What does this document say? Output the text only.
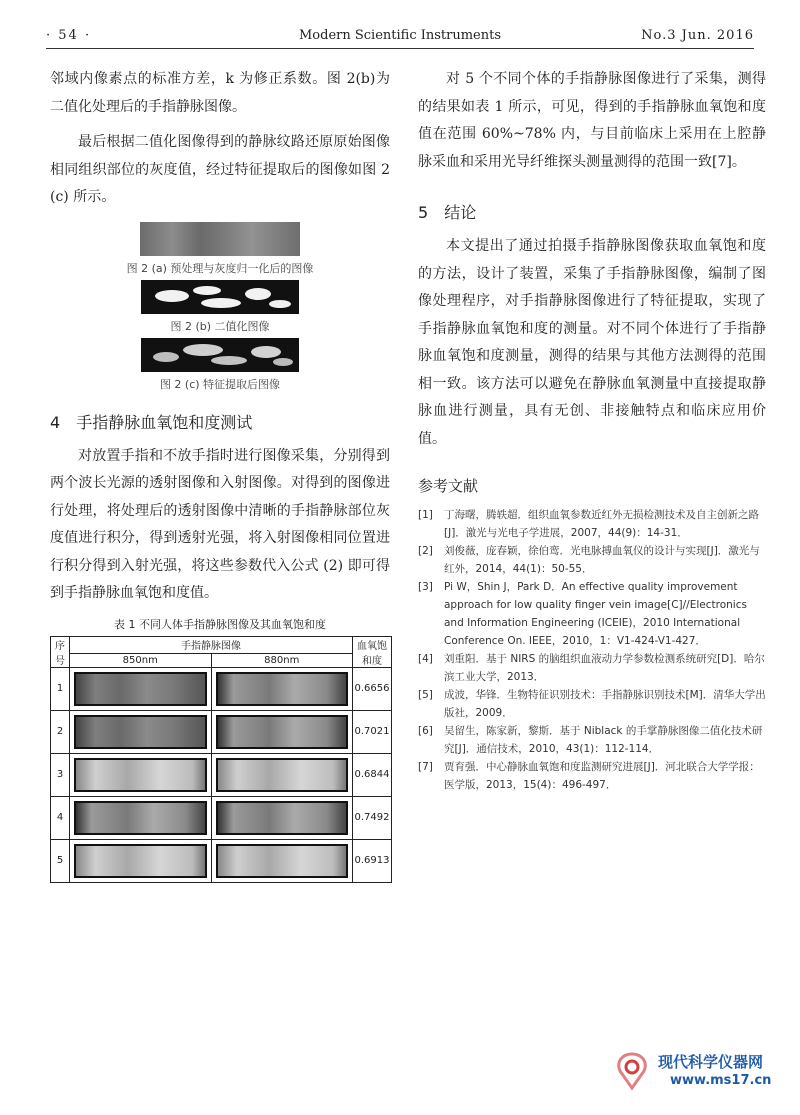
· 54 ·	Modern Scientific Instruments	No.3 Jun. 2016

邻域内像素点的标准方差，k 为修正系数。图 2(b)为二值化处理后的手指静脉图像。

最后根据二值化图像得到的静脉纹路还原原始图像相同组织部位的灰度值，经过特征提取后的图像如图 2 (c) 所示。

图 2 (a) 预处理与灰度归一化后的图像
图 2 (b) 二值化图像
图 2 (c) 特征提取后图像
4 手指静脉血氧饱和度测试

对放置手指和不放手指时进行图像采集，分别得到两个波长光源的透射图像和入射图像。对得到的图像进行处理，将处理后的透射图像中清晰的手指静脉部位灰度值进行积分，得到透射光强，将入射图像相同位置进行积分得到入射光强，将这些参数代入公式 (2) 即可得到手指静脉血氧饱和度值。

表 1 不同人体手指静脉图像及其血氧饱和度
序号	手指静脉图像		血氧饱和度
	850nm	880nm	
1			0.6656
2			0.7021
3			0.6844
4			0.7492
5			0.6913

对 5 个不同个体的手指静脉图像进行了采集，测得的结果如表 1 所示，可见，得到的手指静脉血氧饱和度值在范围 60%~78% 内，与目前临床上采用在上腔静脉采血和采用光导纤维探头测量测得的范围一致[7]。

5 结论

本文提出了通过拍摄手指静脉图像获取血氧饱和度的方法，设计了装置，采集了手指静脉图像，编制了图像处理程序，对手指静脉图像进行了特征提取，实现了手指静脉血氧饱和度的测量。对不同个体进行了手指静脉血氧饱和度测量，测得的结果与其他方法测得的范围相一致。该方法可以避免在静脉血氧测量中直接提取静脉血进行测量，具有无创、非接触特点和临床应用价值。

参考文献

[1]	丁海曙，腾轶超．组织血氧参数近红外无损检测技术及自主创新之路[J]．激光与光电子学进展，2007，44(9)：14-31．

[2]	刘俊薇，庞春颖，徐伯鸾．光电脉搏血氧仪的设计与实现[J]．激光与红外，2014，44(1)：50-55．

[3]	Pi W，Shin J，Park D．An effective quality improvement approach for low quality finger vein image[C]//Electronics and Information Engineering (ICEIE)，2010 International Conference On. IEEE，2010，1：V1-424-V1-427．

[4]	刘重阳．基于 NIRS 的脑组织血液动力学参数检测系统研究[D]．哈尔滨工业大学，2013．

[5]	成波，华锋．生物特征识别技术：手指静脉识别技术[M]．清华大学出版社，2009．

[6]	吴留生，陈家新，黎斯．基于 Niblack 的手掌静脉图像二值化技术研究[J]．通信技术，2010，43(1)：112-114．

[7]	贾育强．中心静脉血氧饱和度监测研究进展[J]．河北联合大学学报：医学版，2013，15(4)：496-497．

现代科学仪器网
www.ms17.cn
